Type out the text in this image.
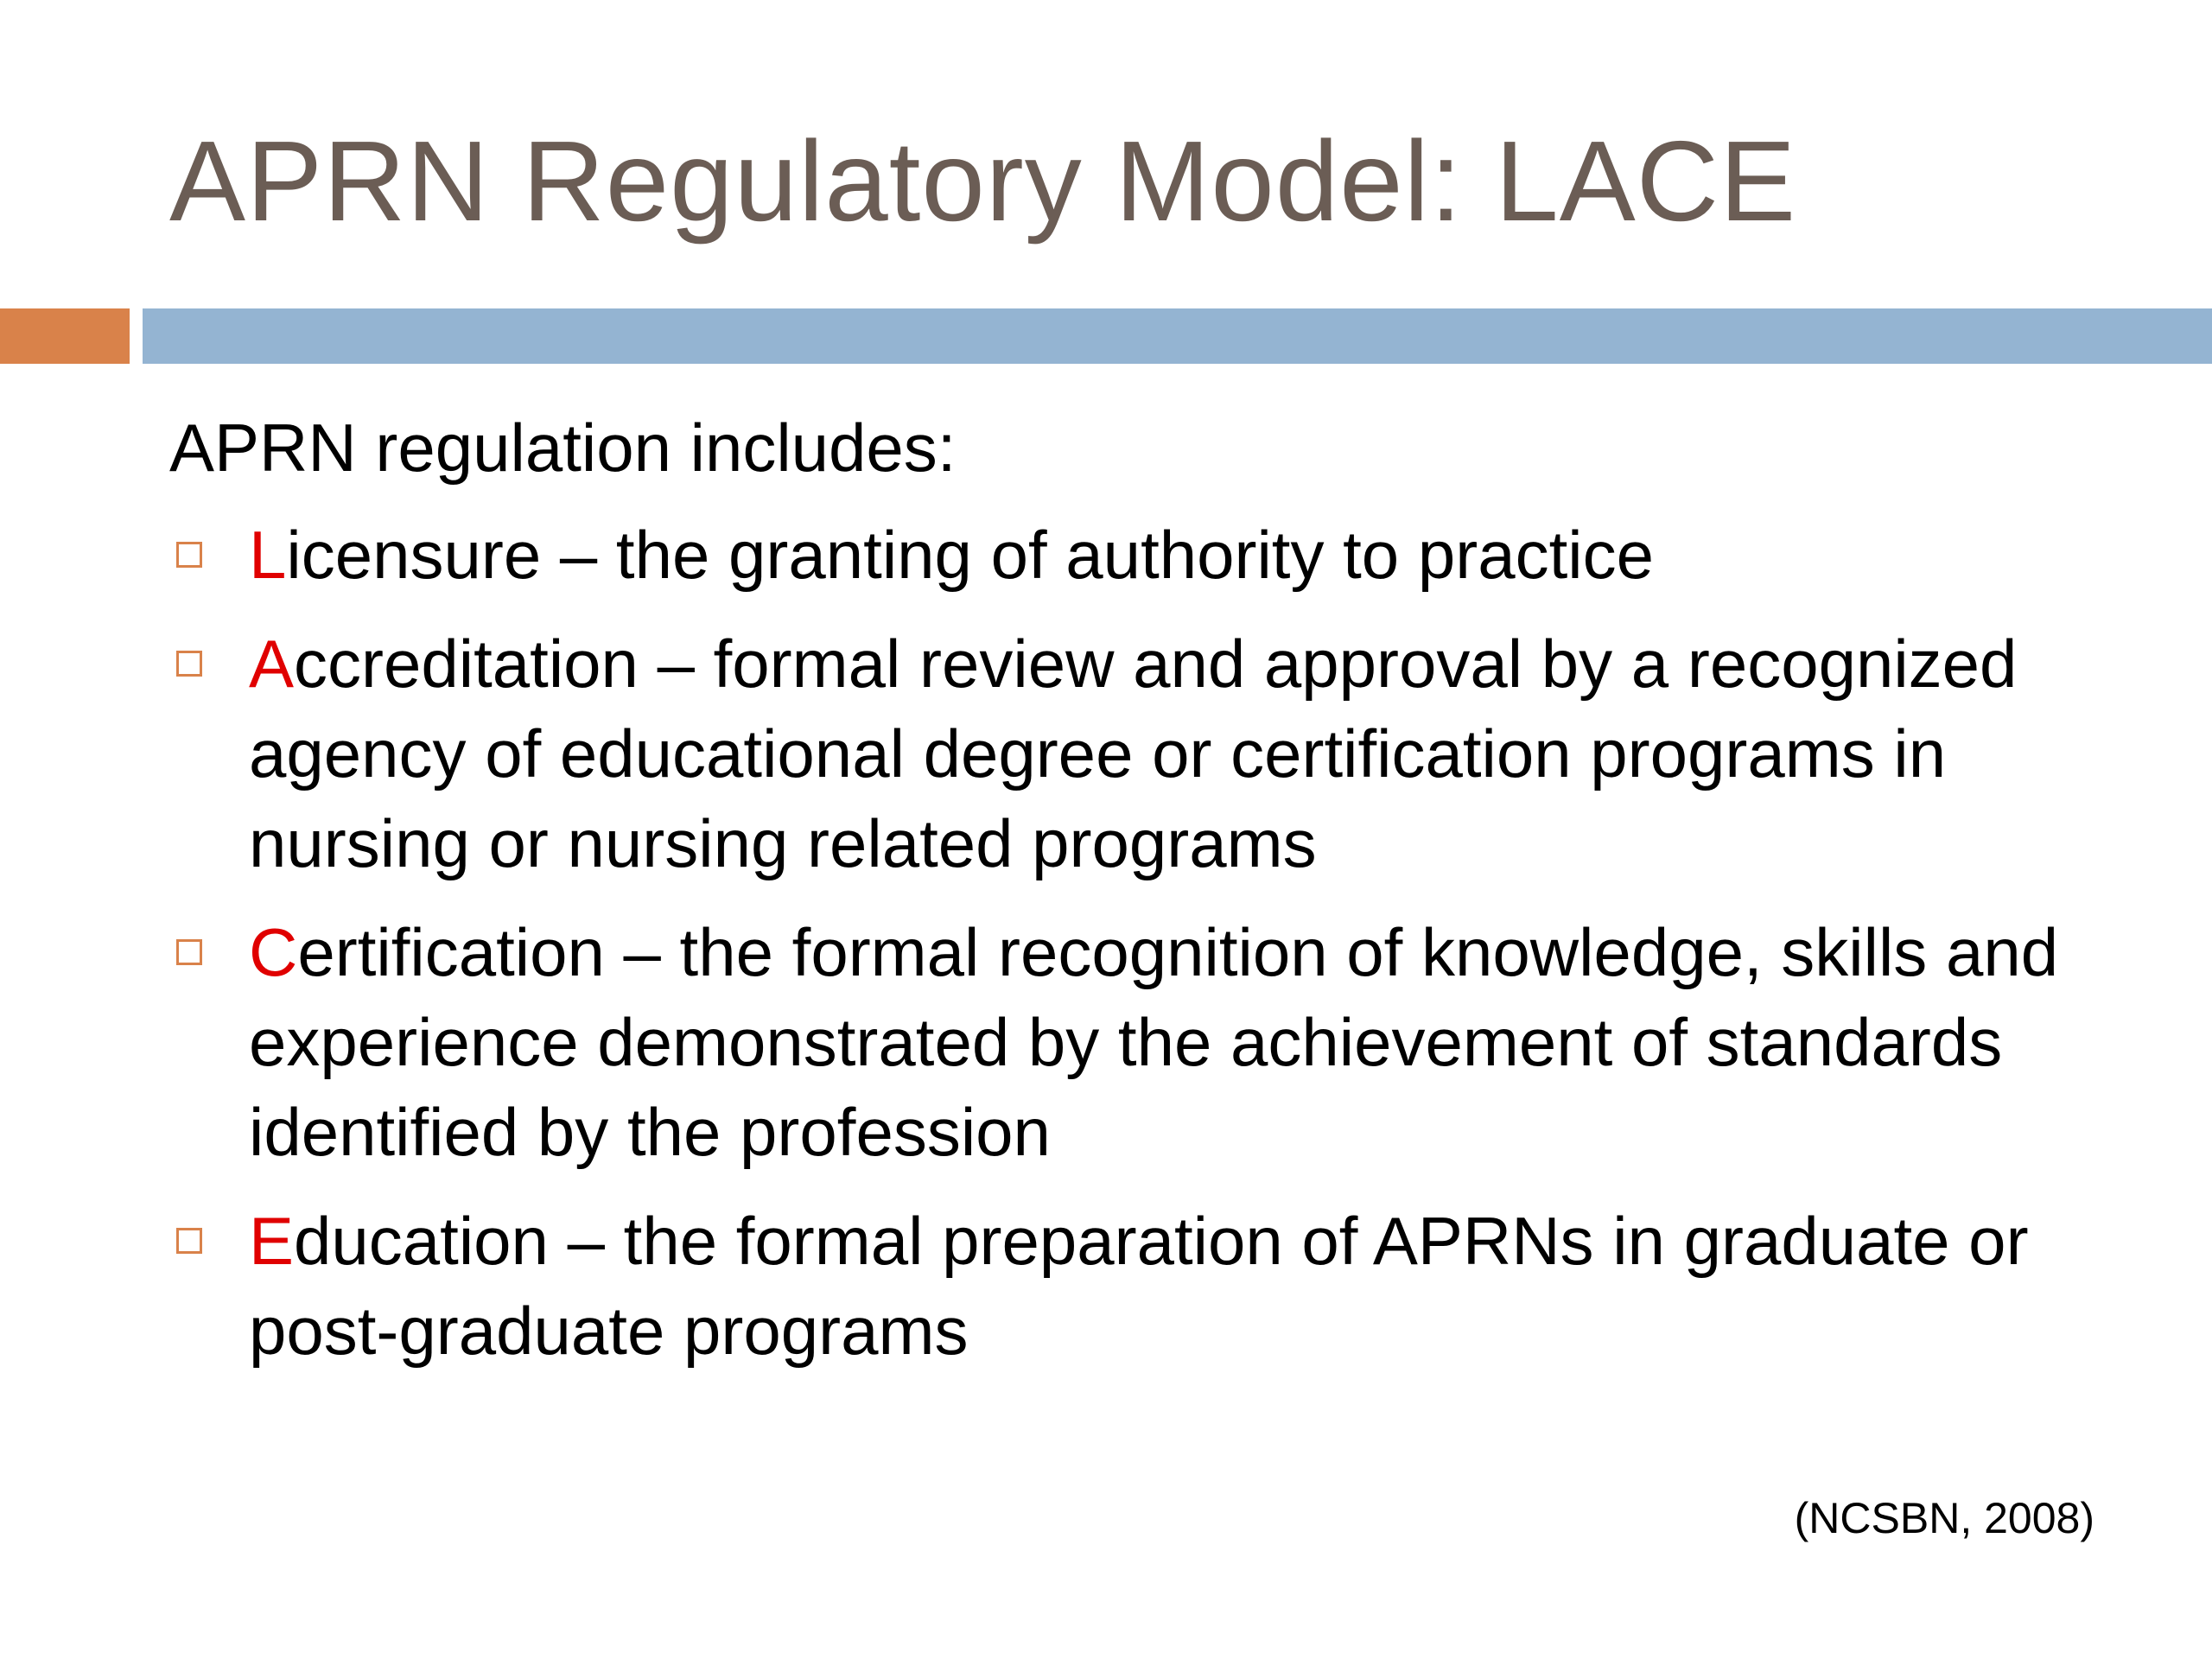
APRN Regulatory Model: LACE
APRN regulation includes:
Licensure – the granting of authority to practice
Accreditation – formal review and approval by a recognized agency of educational degree or certification programs in nursing or nursing related programs
Certification – the formal recognition of knowledge, skills and experience demonstrated by the achievement of standards identified by the profession
Education – the formal preparation of APRNs in graduate or post-graduate programs
(NCSBN, 2008)
